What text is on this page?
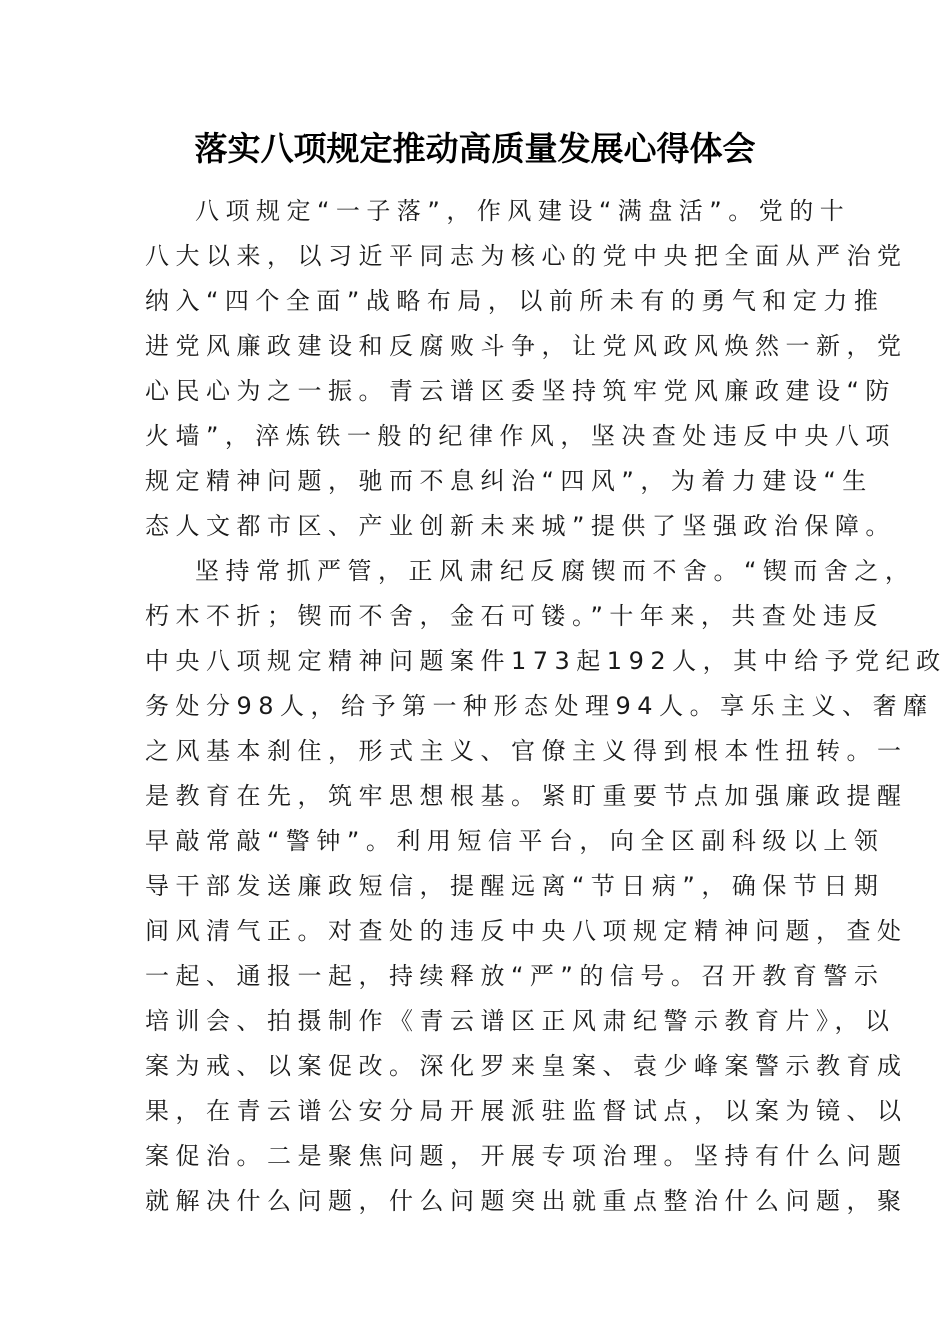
落实八项规定推动高质量发展心得体会
八项规定“一子落”，作风建设“满盘活”。党的十
八大以来，以习近平同志为核心的党中央把全面从严治党
纳入“四个全面”战略布局，以前所未有的勇气和定力推
进党风廉政建设和反腐败斗争，让党风政风焕然一新，党
心民心为之一振。青云谱区委坚持筑牢党风廉政建设“防
火墙”，淬炼铁一般的纪律作风，坚决查处违反中央八项
规定精神问题，驰而不息纠治“四风”，为着力建设“生
态人文都市区、产业创新未来城”提供了坚强政治保障。
坚持常抓严管，正风肃纪反腐锲而不舍。“锲而舍之，
朽木不折；锲而不舍，金石可镂。”十年来，共查处违反
中央八项规定精神问题案件173起192人，其中给予党纪政
务处分98人，给予第一种形态处理94人。享乐主义、奢靡
之风基本刹住，形式主义、官僚主义得到根本性扭转。一
是教育在先，筑牢思想根基。紧盯重要节点加强廉政提醒
早敲常敲“警钟”。利用短信平台，向全区副科级以上领
导干部发送廉政短信，提醒远离“节日病”，确保节日期
间风清气正。对查处的违反中央八项规定精神问题，查处
一起、通报一起，持续释放“严”的信号。召开教育警示
培训会、拍摄制作《青云谱区正风肃纪警示教育片》，以
案为戒、以案促改。深化罗来皇案、袁少峰案警示教育成
果，在青云谱公安分局开展派驻监督试点，以案为镜、以
案促治。二是聚焦问题，开展专项治理。坚持有什么问题
就解决什么问题，什么问题突出就重点整治什么问题，聚
